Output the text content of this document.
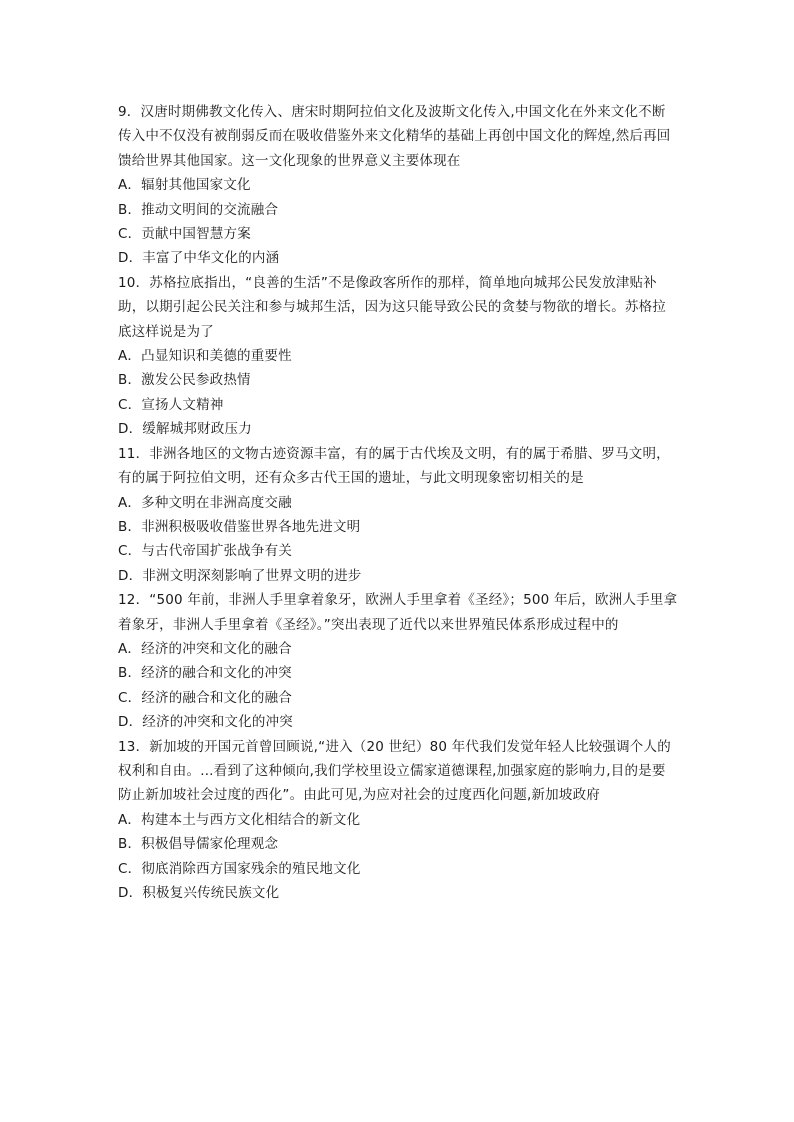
9．汉唐时期佛教文化传入、唐宋时期阿拉伯文化及波斯文化传入,中国文化在外来文化不断传入中不仅没有被削弱反而在吸收借鉴外来文化精华的基础上再创中国文化的辉煌,然后再回馈给世界其他国家。这一文化现象的世界意义主要体现在

A．辐射其他国家文化

B．推动文明间的交流融合

C．贡献中国智慧方案

D．丰富了中华文化的内涵

10．苏格拉底指出，“良善的生活”不是像政客所作的那样，简单地向城邦公民发放津贴补助，以期引起公民关注和参与城邦生活，因为这只能导致公民的贪婪与物欲的增长。苏格拉底这样说是为了

A．凸显知识和美德的重要性

B．激发公民参政热情

C．宣扬人文精神

D．缓解城邦财政压力

11．非洲各地区的文物古迹资源丰富，有的属于古代埃及文明，有的属于希腊、罗马文明，有的属于阿拉伯文明，还有众多古代王国的遗址，与此文明现象密切相关的是

A．多种文明在非洲高度交融

B．非洲积极吸收借鉴世界各地先进文明

C．与古代帝国扩张战争有关

D．非洲文明深刻影响了世界文明的进步

12．“500 年前，非洲人手里拿着象牙，欧洲人手里拿着《圣经》；500 年后，欧洲人手里拿着象牙，非洲人手里拿着《圣经》。”突出表现了近代以来世界殖民体系形成过程中的

A．经济的冲突和文化的融合

B．经济的融合和文化的冲突

C．经济的融合和文化的融合

D．经济的冲突和文化的冲突

13．新加坡的开国元首曾回顾说,“进入（20 世纪）80 年代我们发觉年轻人比较强调个人的权利和自由。...看到了这种倾向,我们学校里设立儒家道德课程,加强家庭的影响力,目的是要防止新加坡社会过度的西化”。由此可见,为应对社会的过度西化问题,新加坡政府

A．构建本土与西方文化相结合的新文化

B．积极倡导儒家伦理观念

C．彻底消除西方国家残余的殖民地文化

D．积极复兴传统民族文化
